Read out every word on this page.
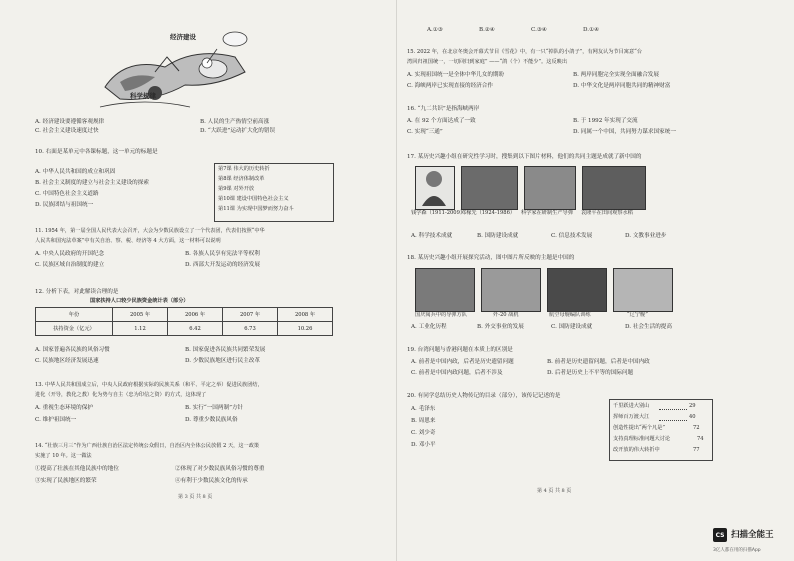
经济建设
科学规律
A. 经济建设要遵循客观规律	B. 人民的生产热情空前高涨
C. 社会主义建设速度过快	D. “大跃进”运动扩大化的错误
10. 右面是某单元中各课标题，这一单元的标题是
A. 中华人民共和国的成立和巩固
B. 社会主义制度的建立与社会主义建设的探索
C. 中国特色社会主义道路
D. 民族团结与祖国统一
第7课 伟大的历史转折
第8课 经济体制改革
第9课 对外开放
第10课 建设中国特色社会主义
第11课 为实现中国梦而努力奋斗
11. 1954 年，第一届全国人民代表大会召开，大会为少数民族设立了一个代表团，代表们按照“中华
人民共和国宪法草案”中有关自治、察、税、经济等 4 大方面，这一材料可以说明
A. 中央人民政府的开国纪念	B. 各族人民享有宪法平等权利
C. 民族区域自治制度的建立	D. 西部大开发运动的经济发展
12. 分析下表，对此解读合理的是
国家扶持人口较少民族资金统计表（部分）
年份	2005 年	2006 年	2007 年	2008 年
扶持资金（亿元）	1.12	6.42	6.73	10.26
A. 国家普遍各民族的风俗习惯	B. 国家促进各民族共同繁荣发展
C. 民族地区经济发展迅速	D. 少数民族地区进行民主改革
13. 中华人民共和国成立后，中央人民政府根据实际的民族关系（和平、平定之举）促进民族团结，
进化（开导，教化之教）化为势与自主（忠为印信之资）的方式，这体现了
A. 重视生态环境的保护	B. 实行“一国两制”方针
C. 维护祖国统一	D. 尊重少数民族风俗
14. “壮族三月三”作为广西壮族自治区法定传统公众假日，自治区内全体公民放假 2 天，这一政策
实施了 10 年。这一做法
①提高了壮族在其他民族中的地位	②体现了对少数民族风俗习惯的尊重
③实现了民族地区的繁荣	④有利于少数民族文化的传承
第 3 页 共 8 页
A.①③	B.②④	C.③④	D.①④
15. 2022 年，在北京冬奥会开幕式节目《雪花》中，有一只“掉队的小鸽子”，有网友认为节目寓意“台
湾回归祖国统一，一切回归到家庭” ——“鸽（个）不能少”。这反映出
A. 实现祖国统一是全体中华儿女的期盼	B. 两岸同胞完全实现全面融合发展
C. 海峡两岸已实现直接的经济合作	D. 中华文化是两岸同胞共同的精神财富
16. “九二共识”是指海峡两岸
A. 在 92 个方面达成了一致	B. 于 1992 年实现了交流
C. 实现“三通”	D. 同属一个中国，共同努力谋求国家统一
17. 某历史兴趣小组在研究性学习时，搜集到以下图片材料，他们的共同主题是成就了新中国的
钱学森（1911-2009）
邓稼先（1924-1986） 科学家在研制生产导弹 袁隆平在田间观察水稻
A. 科学技术成就	B. 国防建设成就	C. 信息技术发展	D. 文教事业进步
18. 某历史兴趣小组开展探究活动，图中图片所反映的主题是中国的
国庆阅兵中的导弹方队	歼-20 战机	航空母舰编队训练	“辽宁舰”
A. 工业化历程	B. 外交事业的发展	C. 国防建设成就	D. 社会生活的提高
19. 台湾问题与香港问题在本质上的区别是
A. 前者是中国内政，后者是历史遗留问题	B. 前者是历史遗留问题，后者是中国内政
C. 前者是中国内政问题，后者不涉及	D. 后者是历史上不平等的国际问题
20. 有同学总结历史人物传记的目录（部分），该传记记述的是
A. 毛泽东
B. 周恩来
C. 刘少奇
D. 邓小平
千里跃进大别山	29
挥师百万渡大江	40
创造性提出“两个凡是”	72
支持真理标准问题大讨论	74
改开放的伟大转折中	77
第 4 页 共 8 页
CS 扫描全能王
3亿人都在用的扫描App
